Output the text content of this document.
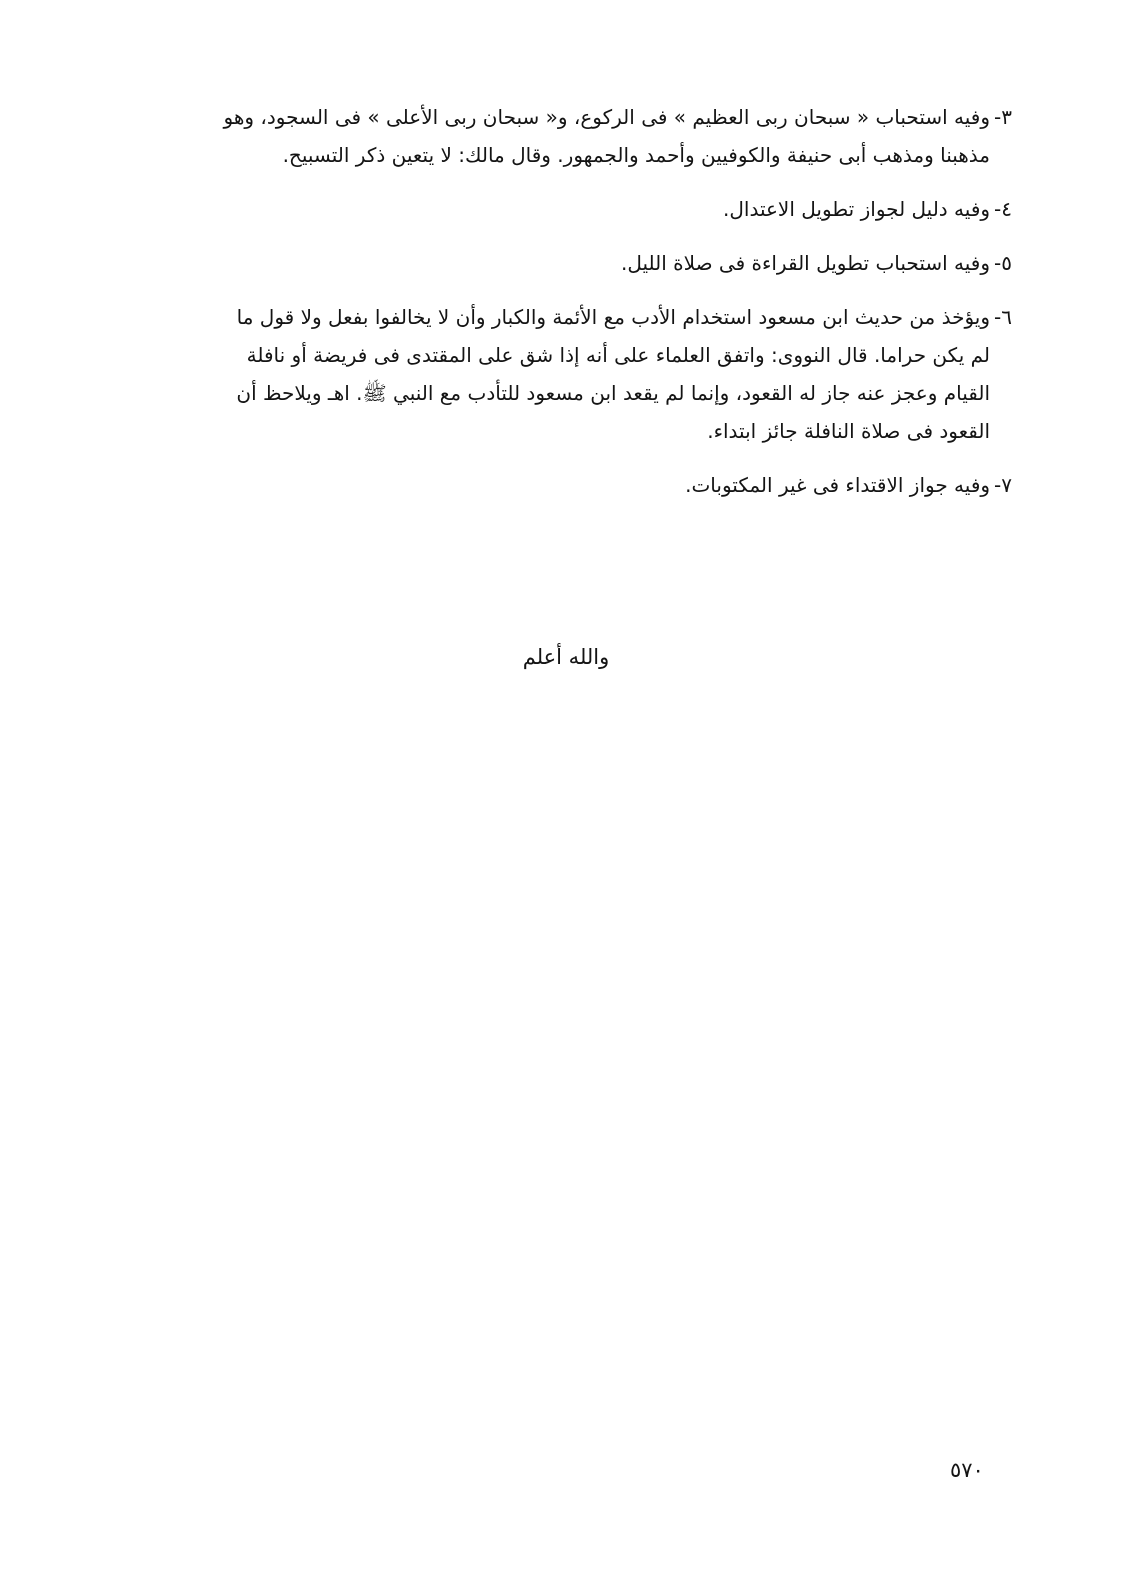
٣-
وفيه استحباب « سبحان ربى العظيم » فى الركوع، و« سبحان ربى الأعلى » فى السجود، وهو
مذهبنا ومذهب أبى حنيفة والكوفيين وأحمد والجمهور. وقال مالك: لا يتعين ذكر التسبيح.
٤-
وفيه دليل لجواز تطويل الاعتدال.
٥-
وفيه استحباب تطويل القراءة فى صلاة الليل.
٦-
ويؤخذ من حديث ابن مسعود استخدام الأدب مع الأئمة والكبار وأن لا يخالفوا بفعل ولا قول ما
لم يكن حراما. قال النووى: واتفق العلماء على أنه إذا شق على المقتدى فى فريضة أو نافلة
القيام وعجز عنه جاز له القعود، وإنما لم يقعد ابن مسعود للتأدب مع النبي ﷺ. اهـ ويلاحظ أن
القعود فى صلاة النافلة جائز ابتداء.
٧-
وفيه جواز الاقتداء فى غير المكتوبات.
والله أعلم
٥٧٠
